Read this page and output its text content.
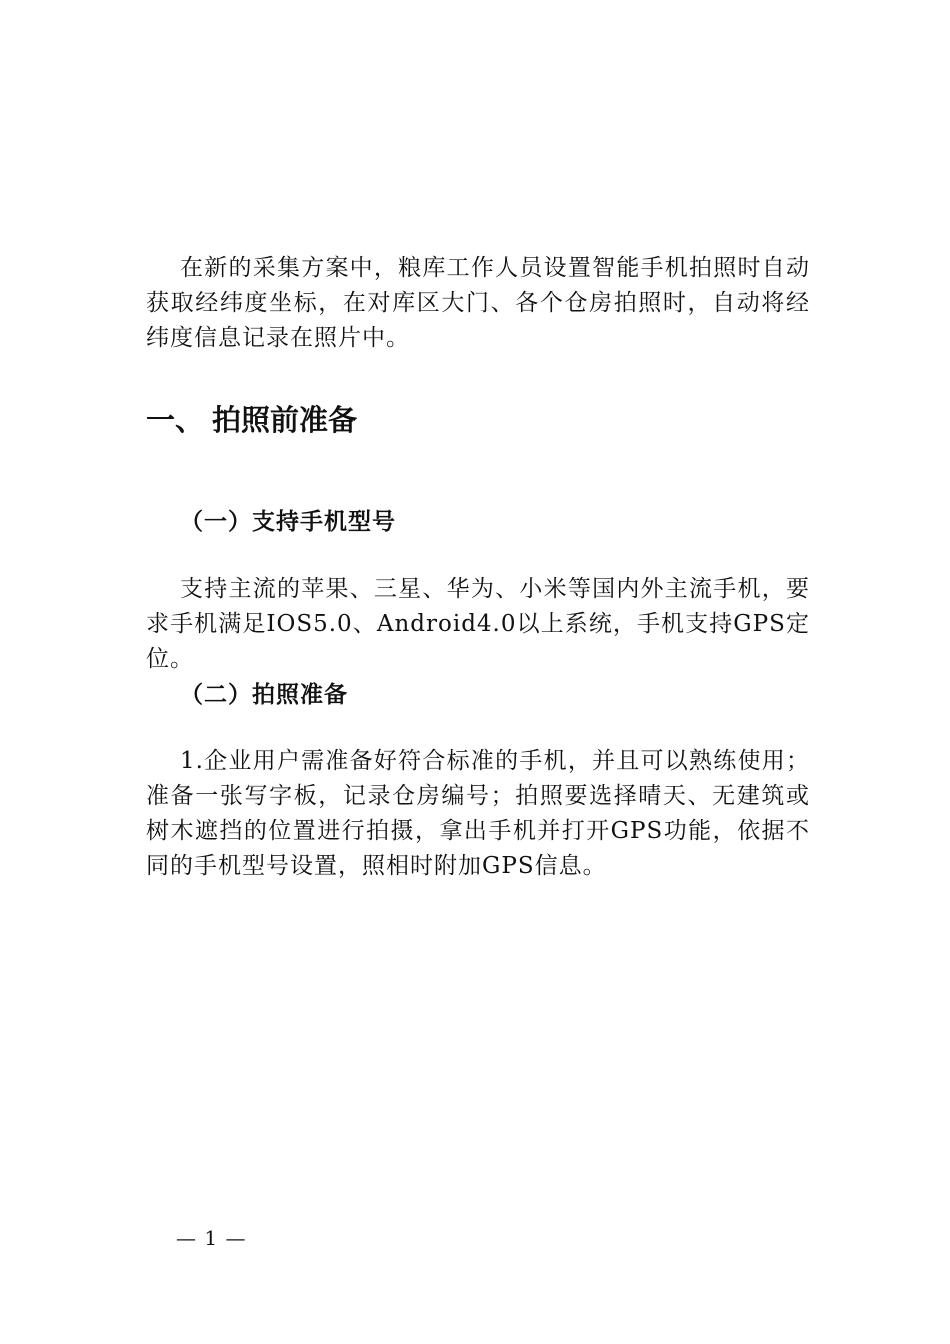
在新的采集方案中，粮库工作人员设置智能手机拍照时自动获取经纬度坐标，在对库区大门、各个仓房拍照时，自动将经纬度信息记录在照片中。

一、 拍照前准备
（一）支持手机型号

支持主流的苹果、三星、华为、小米等国内外主流手机，要求手机满足IOS5.0、Android4.0以上系统，手机支持GPS定位。

（二）拍照准备

1.企业用户需准备好符合标准的手机，并且可以熟练使用；准备一张写字板，记录仓房编号；拍照要选择晴天、无建筑或树木遮挡的位置进行拍摄，拿出手机并打开GPS功能，依据不同的手机型号设置，照相时附加GPS信息。

— 1 —
